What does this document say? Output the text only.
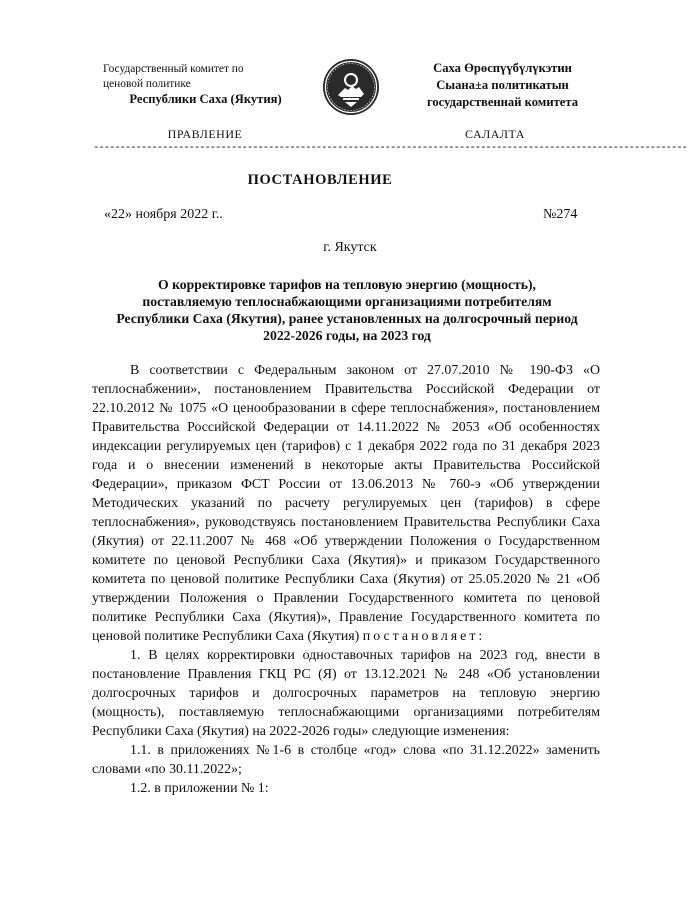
Государственный комитет по
ценовой политике
Республики Саха (Якутия)
Саха Өрөспүүбүлүкэтин
Сыана±а политикатын
государственнай комитета
ПРАВЛЕНИЕ	САЛАЛТА
----------------------------------------------------------------------------------------------------------------
ПОСТАНОВЛЕНИЕ
«22» ноября 2022 г..	№274
г. Якутск
О корректировке тарифов на тепловую энергию (мощность), поставляемую теплоснабжающими организациями потребителям Республики Саха (Якутия), ранее установленных на долгосрочный период 2022-2026 годы, на 2023 год

В соответствии с Федеральным законом от 27.07.2010 № 190-ФЗ «О теплоснабжении», постановлением Правительства Российской Федерации от 22.10.2012 № 1075 «О ценообразовании в сфере теплоснабжения», постановлением Правительства Российской Федерации от 14.11.2022 № 2053 «Об особенностях индексации регулируемых цен (тарифов) с 1 декабря 2022 года по 31 декабря 2023 года и о внесении изменений в некоторые акты Правительства Российской Федерации», приказом ФСТ России от 13.06.2013 № 760-э «Об утверждении Методических указаний по расчету регулируемых цен (тарифов) в сфере теплоснабжения», руководствуясь постановлением Правительства Республики Саха (Якутия) от 22.11.2007 № 468 «Об утверждении Положения о Государственном комитете по ценовой Республики Саха (Якутия)» и приказом Государственного комитета по ценовой политике Республики Саха (Якутия) от 25.05.2020 № 21 «Об утверждении Положения о Правлении Государственного комитета по ценовой политике Республики Саха (Якутия)», Правление Государственного комитета по ценовой политике Республики Саха (Якутия) постановляет:

1. В целях корректировки одноставочных тарифов на 2023 год, внести в постановление Правления ГКЦ РС (Я) от 13.12.2021 № 248 «Об установлении долгосрочных тарифов и долгосрочных параметров на тепловую энергию (мощность), поставляемую теплоснабжающими организациями потребителям Республики Саха (Якутия) на 2022-2026 годы» следующие изменения:

1.1. в приложениях №1-6 в столбце «год» слова «по 31.12.2022» заменить словами «по 30.11.2022»;

1.2. в приложении № 1:
